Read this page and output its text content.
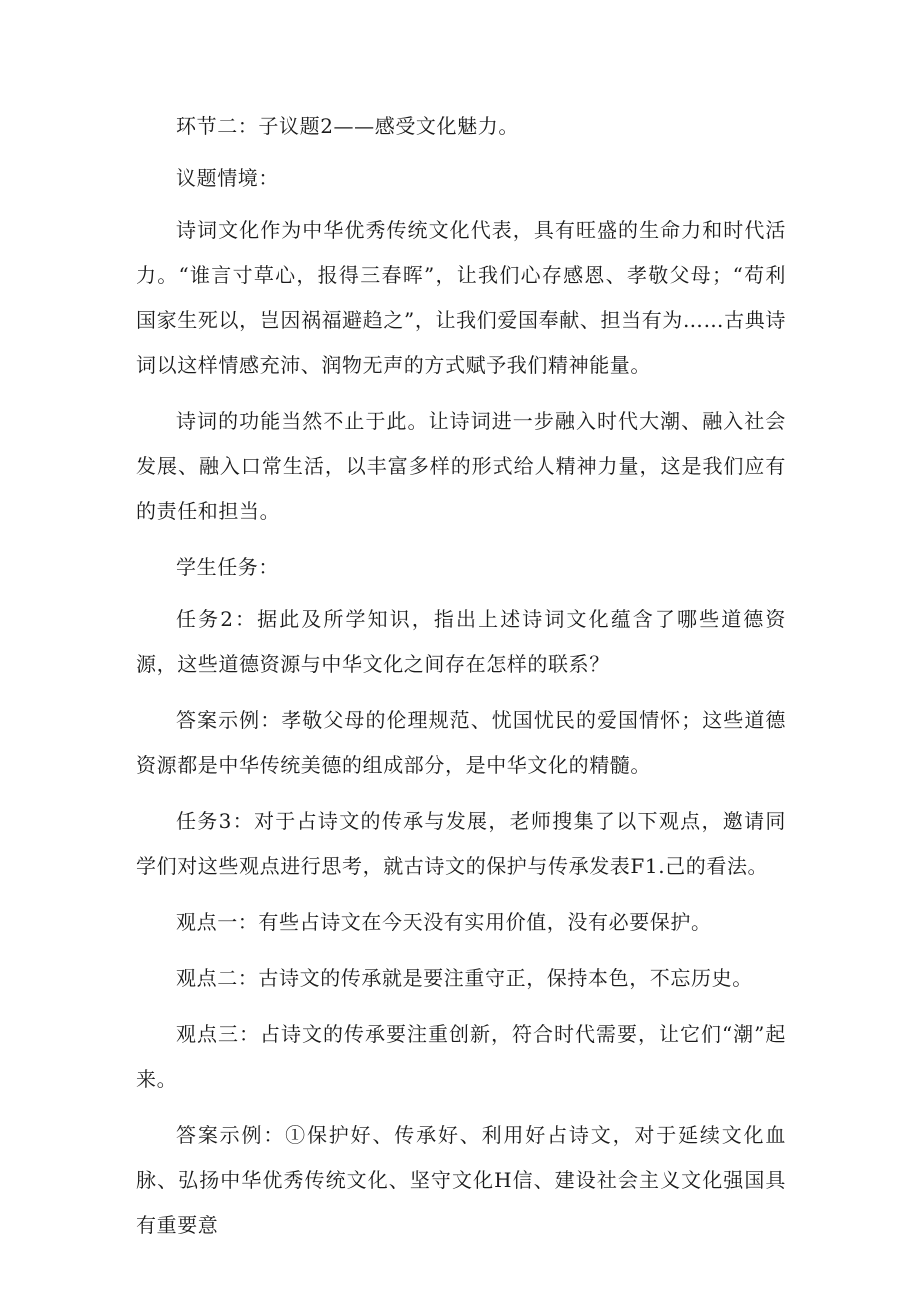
环节二：子议题2——感受文化魅力。

议题情境：

诗词文化作为中华优秀传统文化代表，具有旺盛的生命力和时代活力。“谁言寸草心，报得三春晖”，让我们心存感恩、孝敬父母；“苟利国家生死以，岂因祸福避趋之”，让我们爱国奉献、担当有为……古典诗词以这样情感充沛、润物无声的方式赋予我们精神能量。

诗词的功能当然不止于此。让诗词进一步融入时代大潮、融入社会发展、融入口常生活，以丰富多样的形式给人精神力量，这是我们应有的责任和担当。

学生任务：

任务2：据此及所学知识，指出上述诗词文化蕴含了哪些道德资源，这些道德资源与中华文化之间存在怎样的联系？

答案示例：孝敬父母的伦理规范、忧国忧民的爱国情怀；这些道德资源都是中华传统美德的组成部分，是中华文化的精髓。

任务3：对于占诗文的传承与发展，老师搜集了以下观点，邀请同学们对这些观点进行思考，就古诗文的保护与传承发表F1.己的看法。

观点一：有些占诗文在今天没有实用价值，没有必要保护。

观点二：古诗文的传承就是要注重守正，保持本色，不忘历史。

观点三：占诗文的传承要注重创新，符合时代需要，让它们“潮”起来。

答案示例：①保护好、传承好、利用好占诗文，对于延续文化血脉、弘扬中华优秀传统文化、坚守文化H信、建设社会主义文化强国具有重要意
